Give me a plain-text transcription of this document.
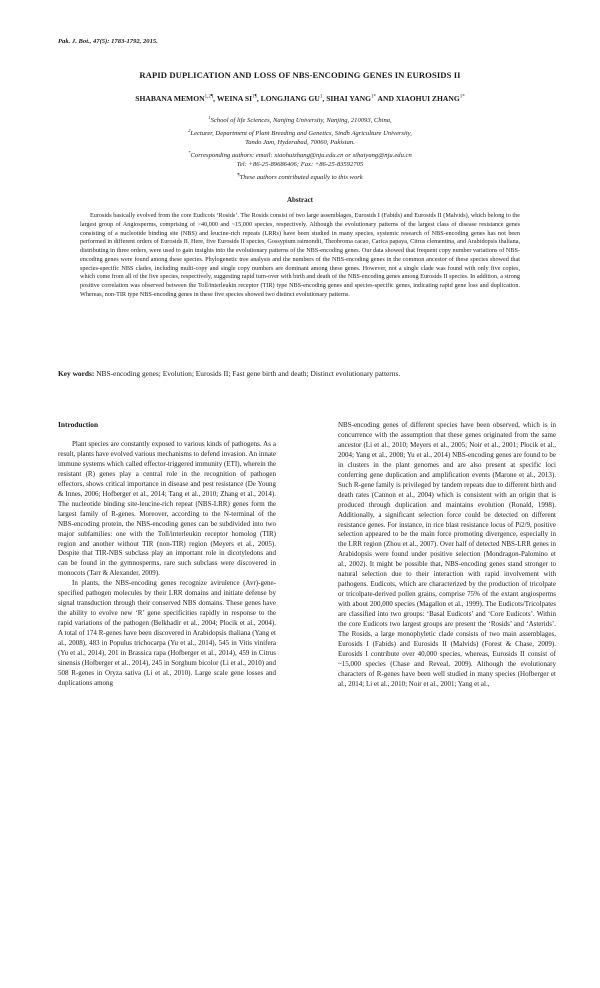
Pak. J. Bot., 47(5): 1783-1792, 2015.
RAPID DUPLICATION AND LOSS OF NBS-ENCODING GENES IN EUROSIDS II
SHABANA $MEMON^{1,2\P}$, WEINA $SI^{1\P}$, LONGJIANG $GU^1$, SIHAI $YANG^{1*}$ AND XIAOHUI $ZHANG^{1*}$
$^1$School of life Sciences, Nanjing University, Nanjing, 210093, China,
$^2$Lecturer, Department of Plant Breeding and Genetics, Sindh Agriculture University,
Tando Jam, Hyderabad, 70060, Pakistan.
*Corresponding authors: email: xiaohuizhang@nju.edu.cn or sihaiyang@nju.edu.cn
Tel: +86-25-89686406; Fax: +86-25-83592705
¶These authors contributed equally to this work
Abstract
Eurosids basically evolved from the core Eudicots ‘Rosids’. The Rosids consist of two large assemblages, Eurosids I (Fabids) and Eurosids II (Malvids), which belong to the largest group of Angiosperms, comprising of >40,000 and ~15,000 species, respectively. Although the evolutionary patterns of the largest class of disease resistance genes consisting of a nucleotide binding site (NBS) and leucine-rich repeats (LRRs) have been studied in many species, systemic research of NBS-encoding genes has not been performed in different orders of Eurosids II. Here, five Eurosids II species, Gossypium raimondii, Theobroma cacao, Carica papaya, Citrus clementina, and Arabidopsis thaliana, distributing in three orders, were used to gain insights into the evolutionary patterns of the NBS-encoding genes. Our data showed that frequent copy number variations of NBS-encoding genes were found among these species. Phylogenetic tree analysis and the numbers of the NBS-encoding genes in the common ancestor of these species showed that species-specific NBS clades, including multi-copy and single copy numbers are dominant among these genes. However, not a single clade was found with only five copies, which come from all of the five species, respectively, suggesting rapid turn-over with birth and death of the NBS-encoding genes among Eurosids II species. In addition, a strong positive correlation was observed between the Toll/interleukin receptor (TIR) type NBS-encoding genes and species-specific genes, indicating rapid gene loss and duplication. Whereas, non-TIR type NBS-encoding genes in these five species showed two distinct evolutionary patterns.
Key words: NBS-encoding genes; Evolution; Eurosids II; Fast gene birth and death; Distinct evolutionary patterns.
Introduction

Plant species are constantly exposed to various kinds of pathogens. As a result, plants have evolved various mechanisms to defend invasion. An innate immune systems which called effector-triggered immunity (ETI), wherein the resistant (R) genes play a central role in the recognition of pathogen effectors, shows critical importance in disease and pest resistance (De Young & Innes, 2006; Hofberger et al., 2014; Tang et al., 2010; Zhang et al., 2014). The nucleotide binding site-leucine-rich repeat (NBS-LRR) genes form the largest family of R-genes. Moreover, according to the N-terminal of the NBS-encoding protein, the NBS-encoding genes can be subdivided into two major subfamilies: one with the Toll/interleukin receptor homolog (TIR) region and another without TIR (non-TIR) region (Meyers et al., 2005). Despite that TIR-NBS subclass play an important role in dicotyledons and can be found in the gymnosperms, rare such subclass were discovered in monocots (Tarr & Alexander, 2009).

In plants, the NBS-encoding genes recognize avirulence (Avr)-gene-specified pathogen molecules by their LRR domains and initiate defense by signal transduction through their conserved NBS domains. These genes have the ability to evolve new ‘R’ gene specificities rapidly in response to the rapid variations of the pathogen (Belkhadir et al., 2004; Plocik et al., 2004). A total of 174 R-genes have been discovered in Arabidopsis thaliana (Yang et al., 2008), 483 in Populus trichocarpa (Yu et al., 2014), 545 in Vitis vinifera (Yu et al., 2014), 201 in Brassica rapa (Hofberger et al., 2014), 459 in Citrus sinensis (Hofberger et al., 2014), 245 in Sorghum bicolor (Li et al., 2010) and 508 R-genes in Oryza sativa (Li et al., 2010). Large scale gene losses and duplications among

NBS-encoding genes of different species have been observed, which is in concurrence with the assumption that these genes originated from the same ancestor (Li et al., 2010; Meyers et al., 2005; Noir et al., 2001; Plocik et al., 2004; Yang et al., 2008; Yu et al., 2014) NBS-encoding genes are found to be in clusters in the plant genomes and are also present at specific loci conferring gene duplication and amplification events (Marone et al., 2013). Such R-gene family is privileged by tandem repeats due to different birth and death rates (Cannon et al., 2004) which is consistent with an origin that is produced through duplication and maintains evolution (Ronald, 1998). Additionally, a significant selection force could be detected on different resistance genes. For instance, in rice blast resistance locus of Pi2/9, positive selection appeared to be the main force promoting divergence, especially in the LRR region (Zhou et al., 2007). Over half of detected NBS-LRR genes in Arabidopsis were found under positive selection (Mondragon-Palomino et al., 2002). It might be possible that, NBS-encoding genes stand stronger to natural selection due to their interaction with rapid involvement with pathogens. Eudicots, which are characterized by the production of tricolpate or tricolpate-derived pollen grains, comprise 75% of the extant angiosperms with about 200,000 species (Magallon et al., 1999). The Eudicots/Tricolpates are classified into two groups: ‘Basal Eudicots’ and ‘Core Eudicots’. Within the core Eudicots two largest groups are present the ‘Rosids’ and ‘Asterids’. The Rosids, a large monophyletic clade consists of two main assemblages, Eurosids I (Fabids) and Eurosids II (Malvids) (Forest & Chase, 2009). Eurosids I contribute over 40,000 species, whereas, Eurosids II consist of ~15,000 species (Chase and Reveal, 2009). Although the evolutionary characters of R-genes have been well studied in many species (Hofberger et al., 2014; Li et al., 2010; Noir et al., 2001; Yang et al.,
